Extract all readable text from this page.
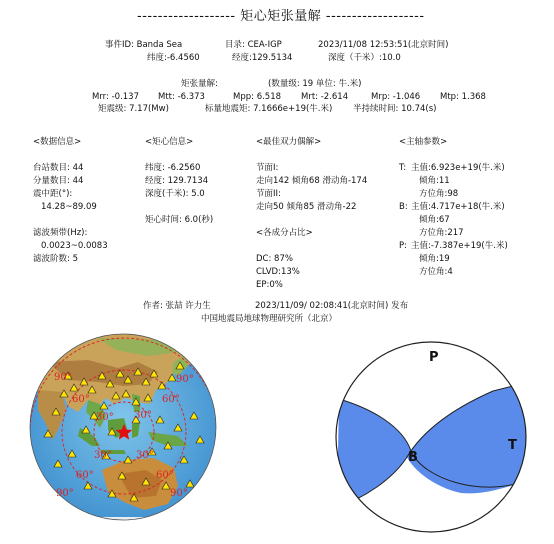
------------------- 矩心矩张量解 -------------------
事件ID: Banda Sea	目录: CEA-IGP	2023/11/08 12:53:51(北京时间)
纬度:-6.4560	经度:129.5134	深度（千米）:10.0
矩张量解:	(数量级: 19 单位: 牛.米)
Mrr: -0.137 Mtt: -6.373	Mpp: 6.518 Mrt: -2.614	Mrp: -1.046 Mtp: 1.368
矩震级: 7.17(Mw)	标量地震矩: 7.1666e+19(牛.米) 半持续时间: 10.74(s)
<数据信息>
台站数目: 44
分量数目: 44
震中距(°):
14.28~89.09
滤波频带(Hz):
0.0023~0.0083
滤波阶数: 5
<矩心信息>
纬度: -6.2560
经度: 129.7134
深度(千米): 5.0
矩心时间: 6.0(秒)
<最佳双力偶解>
节面I:
走向142 倾角68 滑动角-174
节面II:
走向50 倾角85 滑动角-22
<各成分占比>
DC: 87%
CLVD:13%
EP:0%
<主轴参数>
T: 主值:6.923e+19(牛.米)
倾角:11
方位角:98
B: 主值:4.717e+18(牛.米)
倾角:67
方位角:217
P: 主值:-7.387e+19(牛.米)
倾角:19
方位角:4
作者: 张喆 许力生	2023/11/09/ 02:08:41(北京时间) 发布
中国地震局地球物理研究所（北京）
90°	90°
60°	60°
30° 30°
30° 30°
60°	60°
90°	90°
P
B
T
